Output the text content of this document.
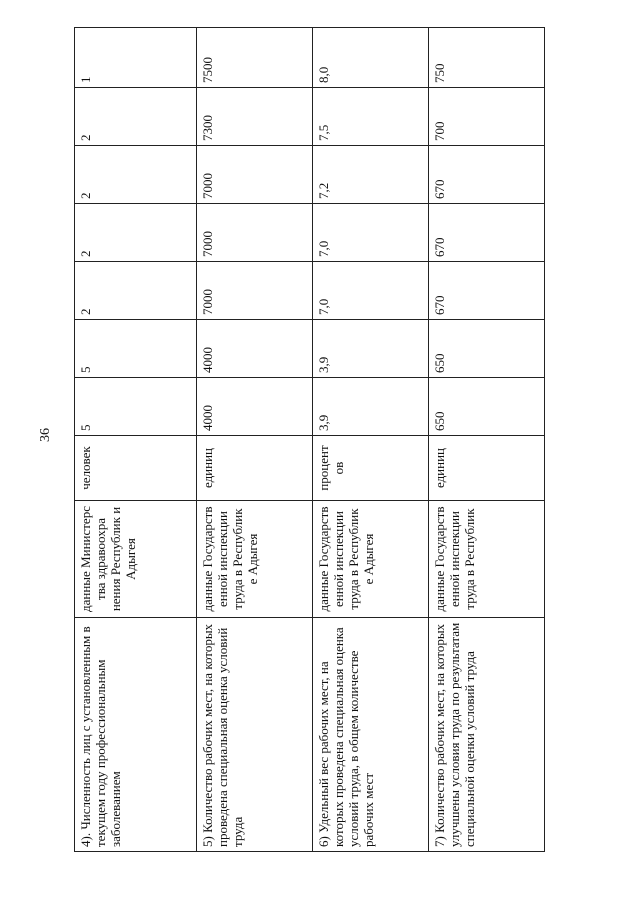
36
4). Численность лиц с установленным в текущем году профессиональным заболеванием	данные Министерс тва здравоохра нения Республик и Адыгея	человек	5	5	2	2	2	2	1
5) Количество рабочих мест, на которых проведена специальная оценка условий труда	данные Государств енной инспекции труда в Республик е Адыгея	единиц	4000	4000	7000	7000	7000	7300	7500
6) Удельный вес рабочих мест, на которых проведена специальная оценка условий труда, в общем количестве рабочих мест	данные Государств енной инспекции труда в Республик е Адыгея	процент ов	3,9	3,9	7,0	7,0	7,2	7,5	8,0
7) Количество рабочих мест, на которых улучшены условия труда по результатам специальной оценки условий труда	данные Государств енной инспекции труда в Республик	единиц	650	650	670	670	670	700	750
